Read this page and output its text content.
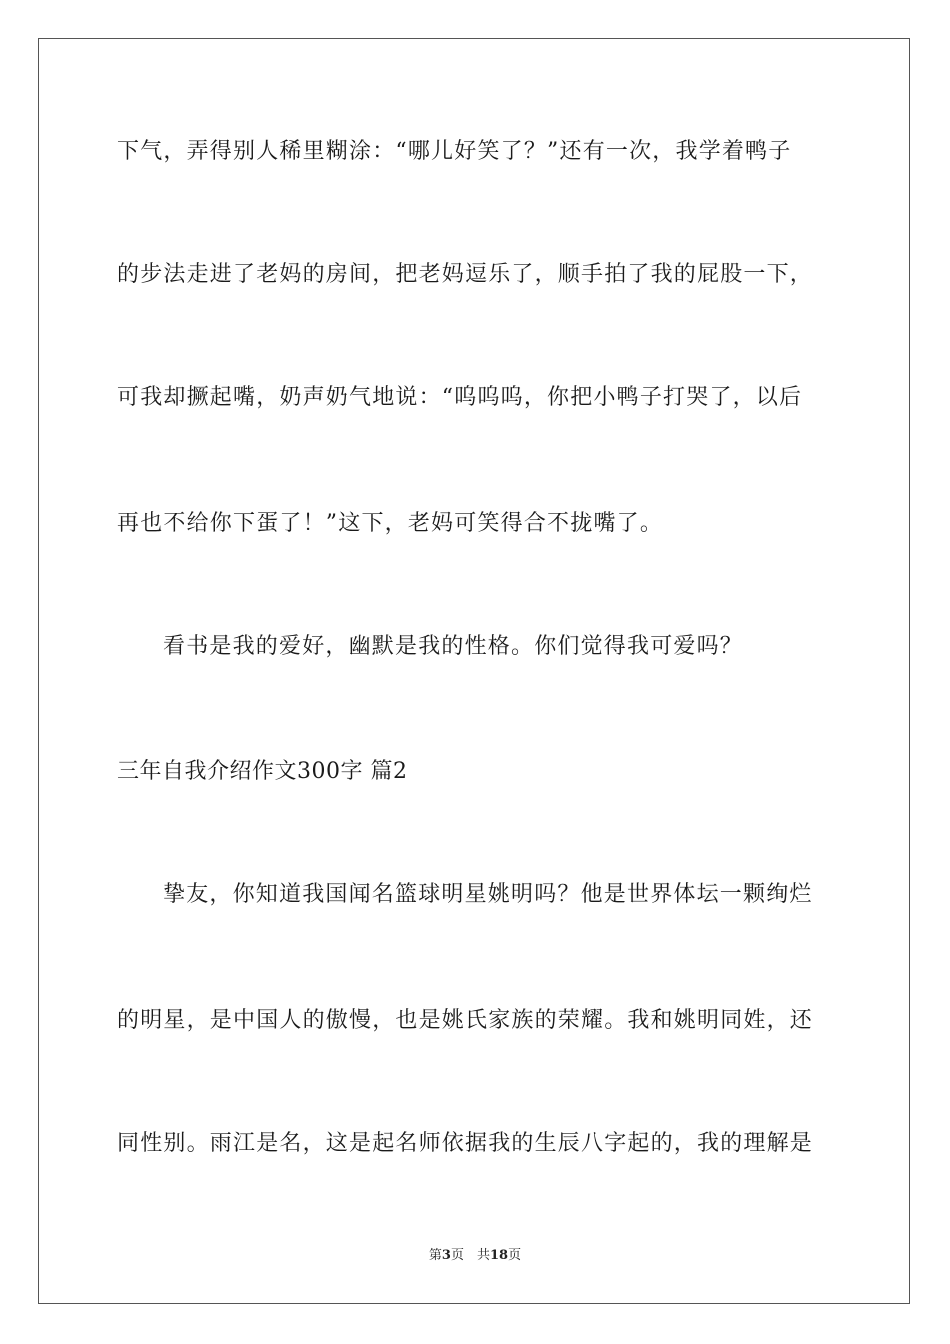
下气，弄得别人稀里糊涂：“哪儿好笑了？”还有一次，我学着鸭子
的步法走进了老妈的房间，把老妈逗乐了，顺手拍了我的屁股一下，
可我却撅起嘴，奶声奶气地说：“呜呜呜，你把小鸭子打哭了，以后
再也不给你下蛋了！”这下，老妈可笑得合不拢嘴了。
看书是我的爱好，幽默是我的性格。你们觉得我可爱吗？
三年自我介绍作文300字 篇2
挚友，你知道我国闻名篮球明星姚明吗？他是世界体坛一颗绚烂
的明星，是中国人的傲慢，也是姚氏家族的荣耀。我和姚明同姓，还
同性别。雨江是名，这是起名师依据我的生辰八字起的，我的理解是
第3页　共18页
